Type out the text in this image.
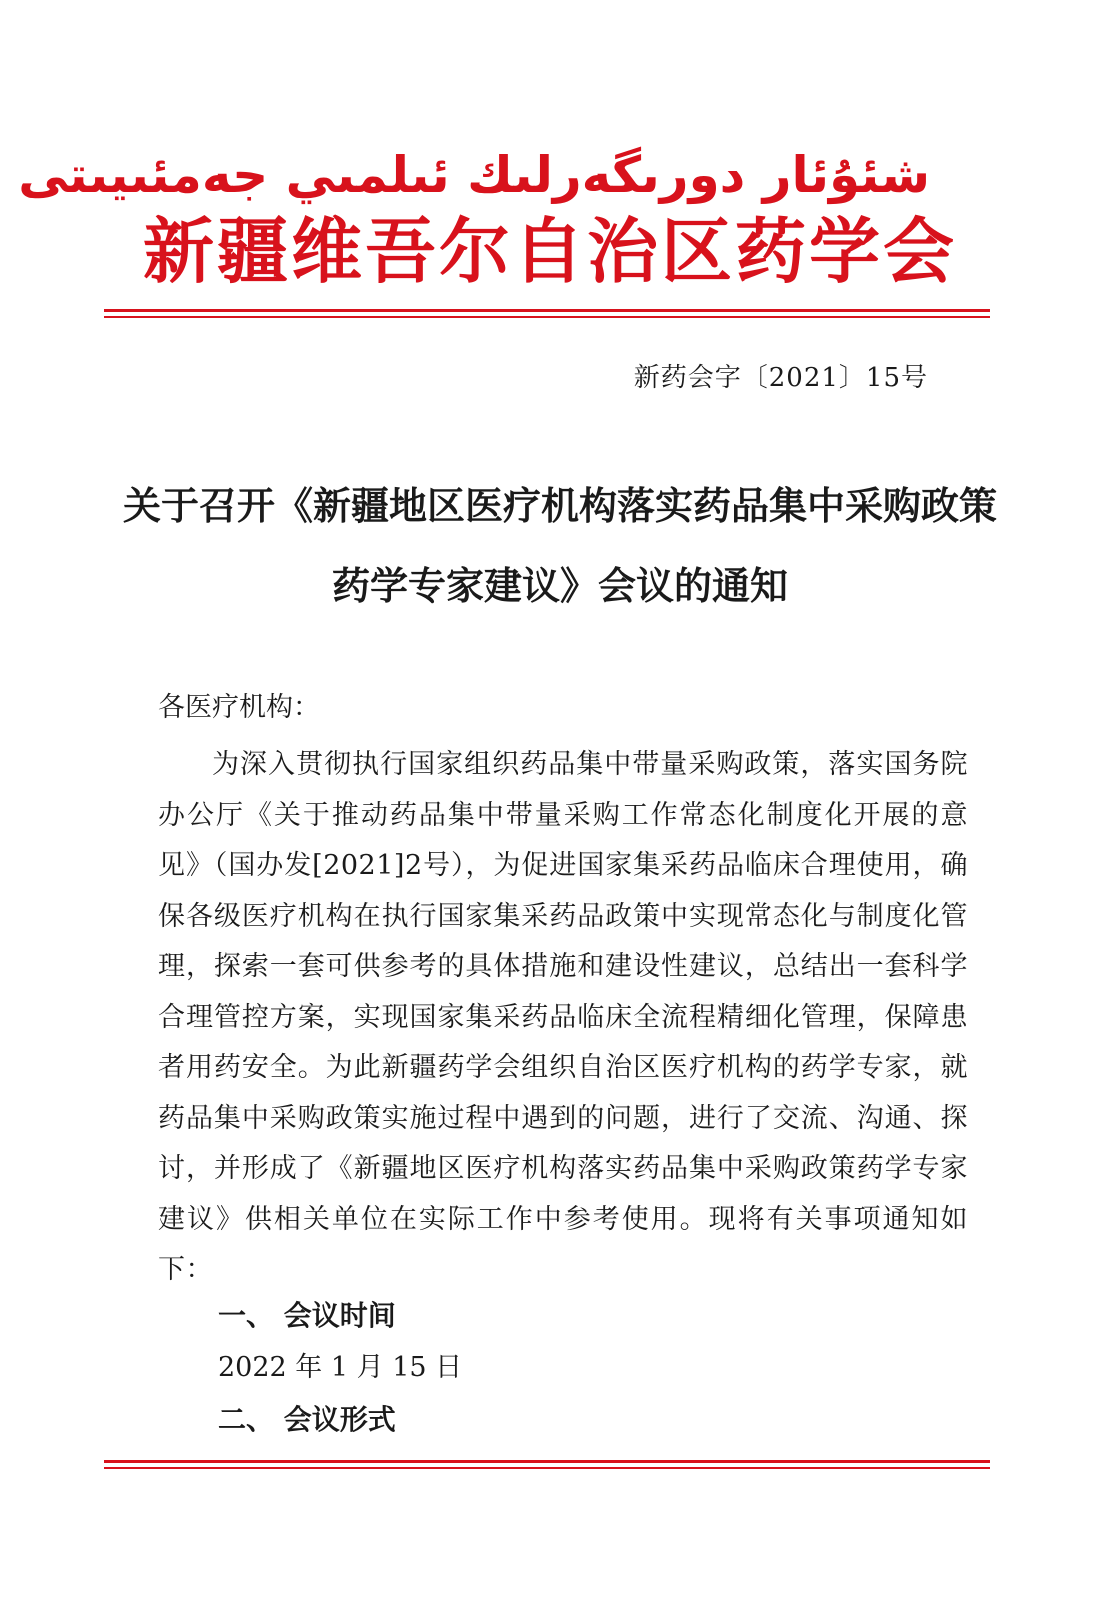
شئۇئار دورىگەرلىك ئىلمىي جەمئىيىتى
新疆维吾尔自治区药学会
新药会字〔2021〕15号
关于召开《新疆地区医疗机构落实药品集中采购政策药学专家建议》会议的通知
各医疗机构：
为深入贯彻执行国家组织药品集中带量采购政策，落实国务院办公厅《关于推动药品集中带量采购工作常态化制度化开展的意见》（国办发[2021]2号），为促进国家集采药品临床合理使用，确保各级医疗机构在执行国家集采药品政策中实现常态化与制度化管理，探索一套可供参考的具体措施和建设性建议，总结出一套科学合理管控方案，实现国家集采药品临床全流程精细化管理，保障患者用药安全。为此新疆药学会组织自治区医疗机构的药学专家，就药品集中采购政策实施过程中遇到的问题，进行了交流、沟通、探讨，并形成了《新疆地区医疗机构落实药品集中采购政策药学专家建议》供相关单位在实际工作中参考使用。现将有关事项通知如下：
一、 会议时间
2022 年 1 月 15 日
二、 会议形式
